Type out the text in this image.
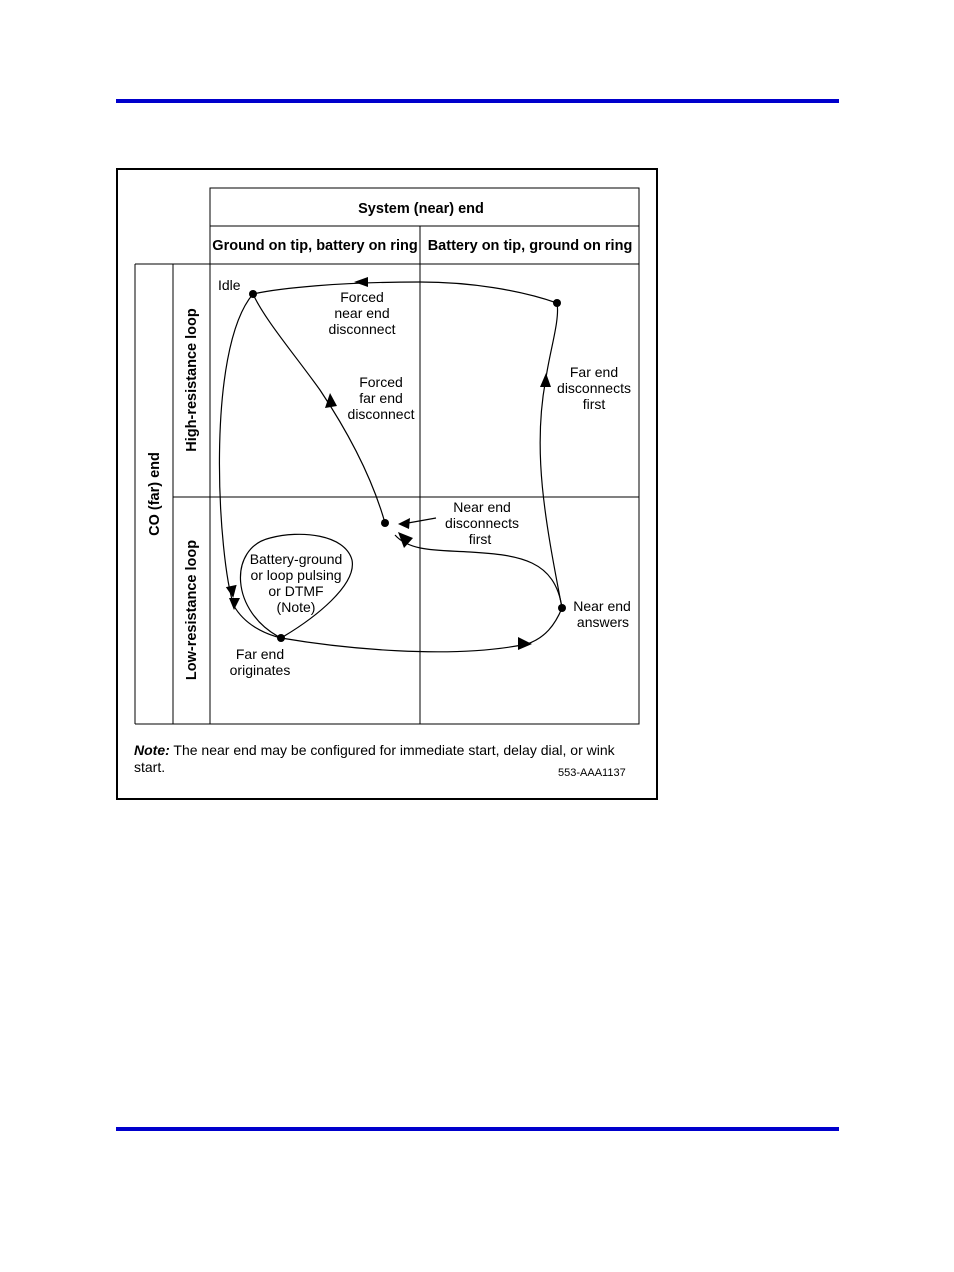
System (near) end
Ground on tip, battery on ring Battery on tip, ground on ring
CO (far) end
High-resistance loop
Low-resistance loop
Idle
Forced
near end
disconnect
Forced
far end
disconnect
Far end
disconnects
first
Near end
disconnects
first
Battery-ground
or loop pulsing
or DTMF
(Note)	Near end
answers
Far end
originates
Note: The near end may be configured for immediate start, delay dial, or wink start.	553-AAA1137
